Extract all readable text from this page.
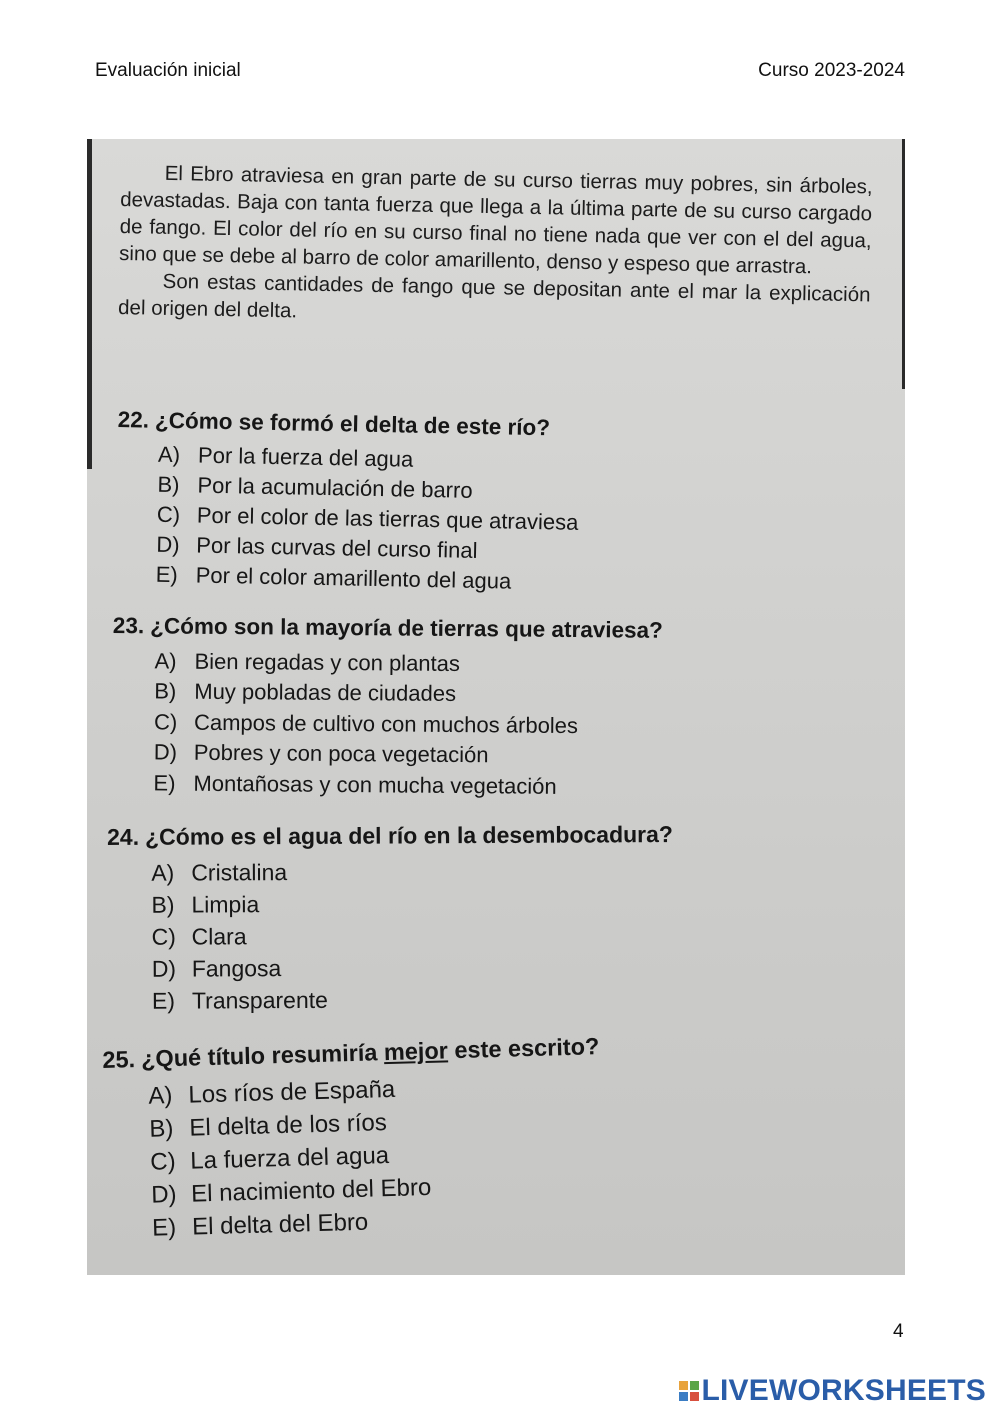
Evaluación inicial	Curso 2023-2024

El Ebro atraviesa en gran parte de su curso tierras muy pobres, sin árboles, devastadas. Baja con tanta fuerza que llega a la última parte de su curso cargado de fango. El color del río en su curso final no tiene nada que ver con el del agua, sino que se debe al barro de color amarillento, denso y espeso que arrastra.

Son estas cantidades de fango que se depositan ante el mar la explicación del origen del delta.

22. ¿Cómo se formó el delta de este río?
A) Por la fuerza del agua
B) Por la acumulación de barro
C) Por el color de las tierras que atraviesa
D) Por las curvas del curso final
E) Por el color amarillento del agua
23. ¿Cómo son la mayoría de tierras que atraviesa?
A) Bien regadas y con plantas
B) Muy pobladas de ciudades
C) Campos de cultivo con muchos árboles
D) Pobres y con poca vegetación
E) Montañosas y con mucha vegetación
24. ¿Cómo es el agua del río en la desembocadura?
A) Cristalina
B) Limpia
C) Clara
D) Fangosa
E) Transparente
25. ¿Qué título resumiría mejor este escrito?
A) Los ríos de España
B) El delta de los ríos
C) La fuerza del agua
D) El nacimiento del Ebro
E) El delta del Ebro
4
LIVEWORKSHEETS
